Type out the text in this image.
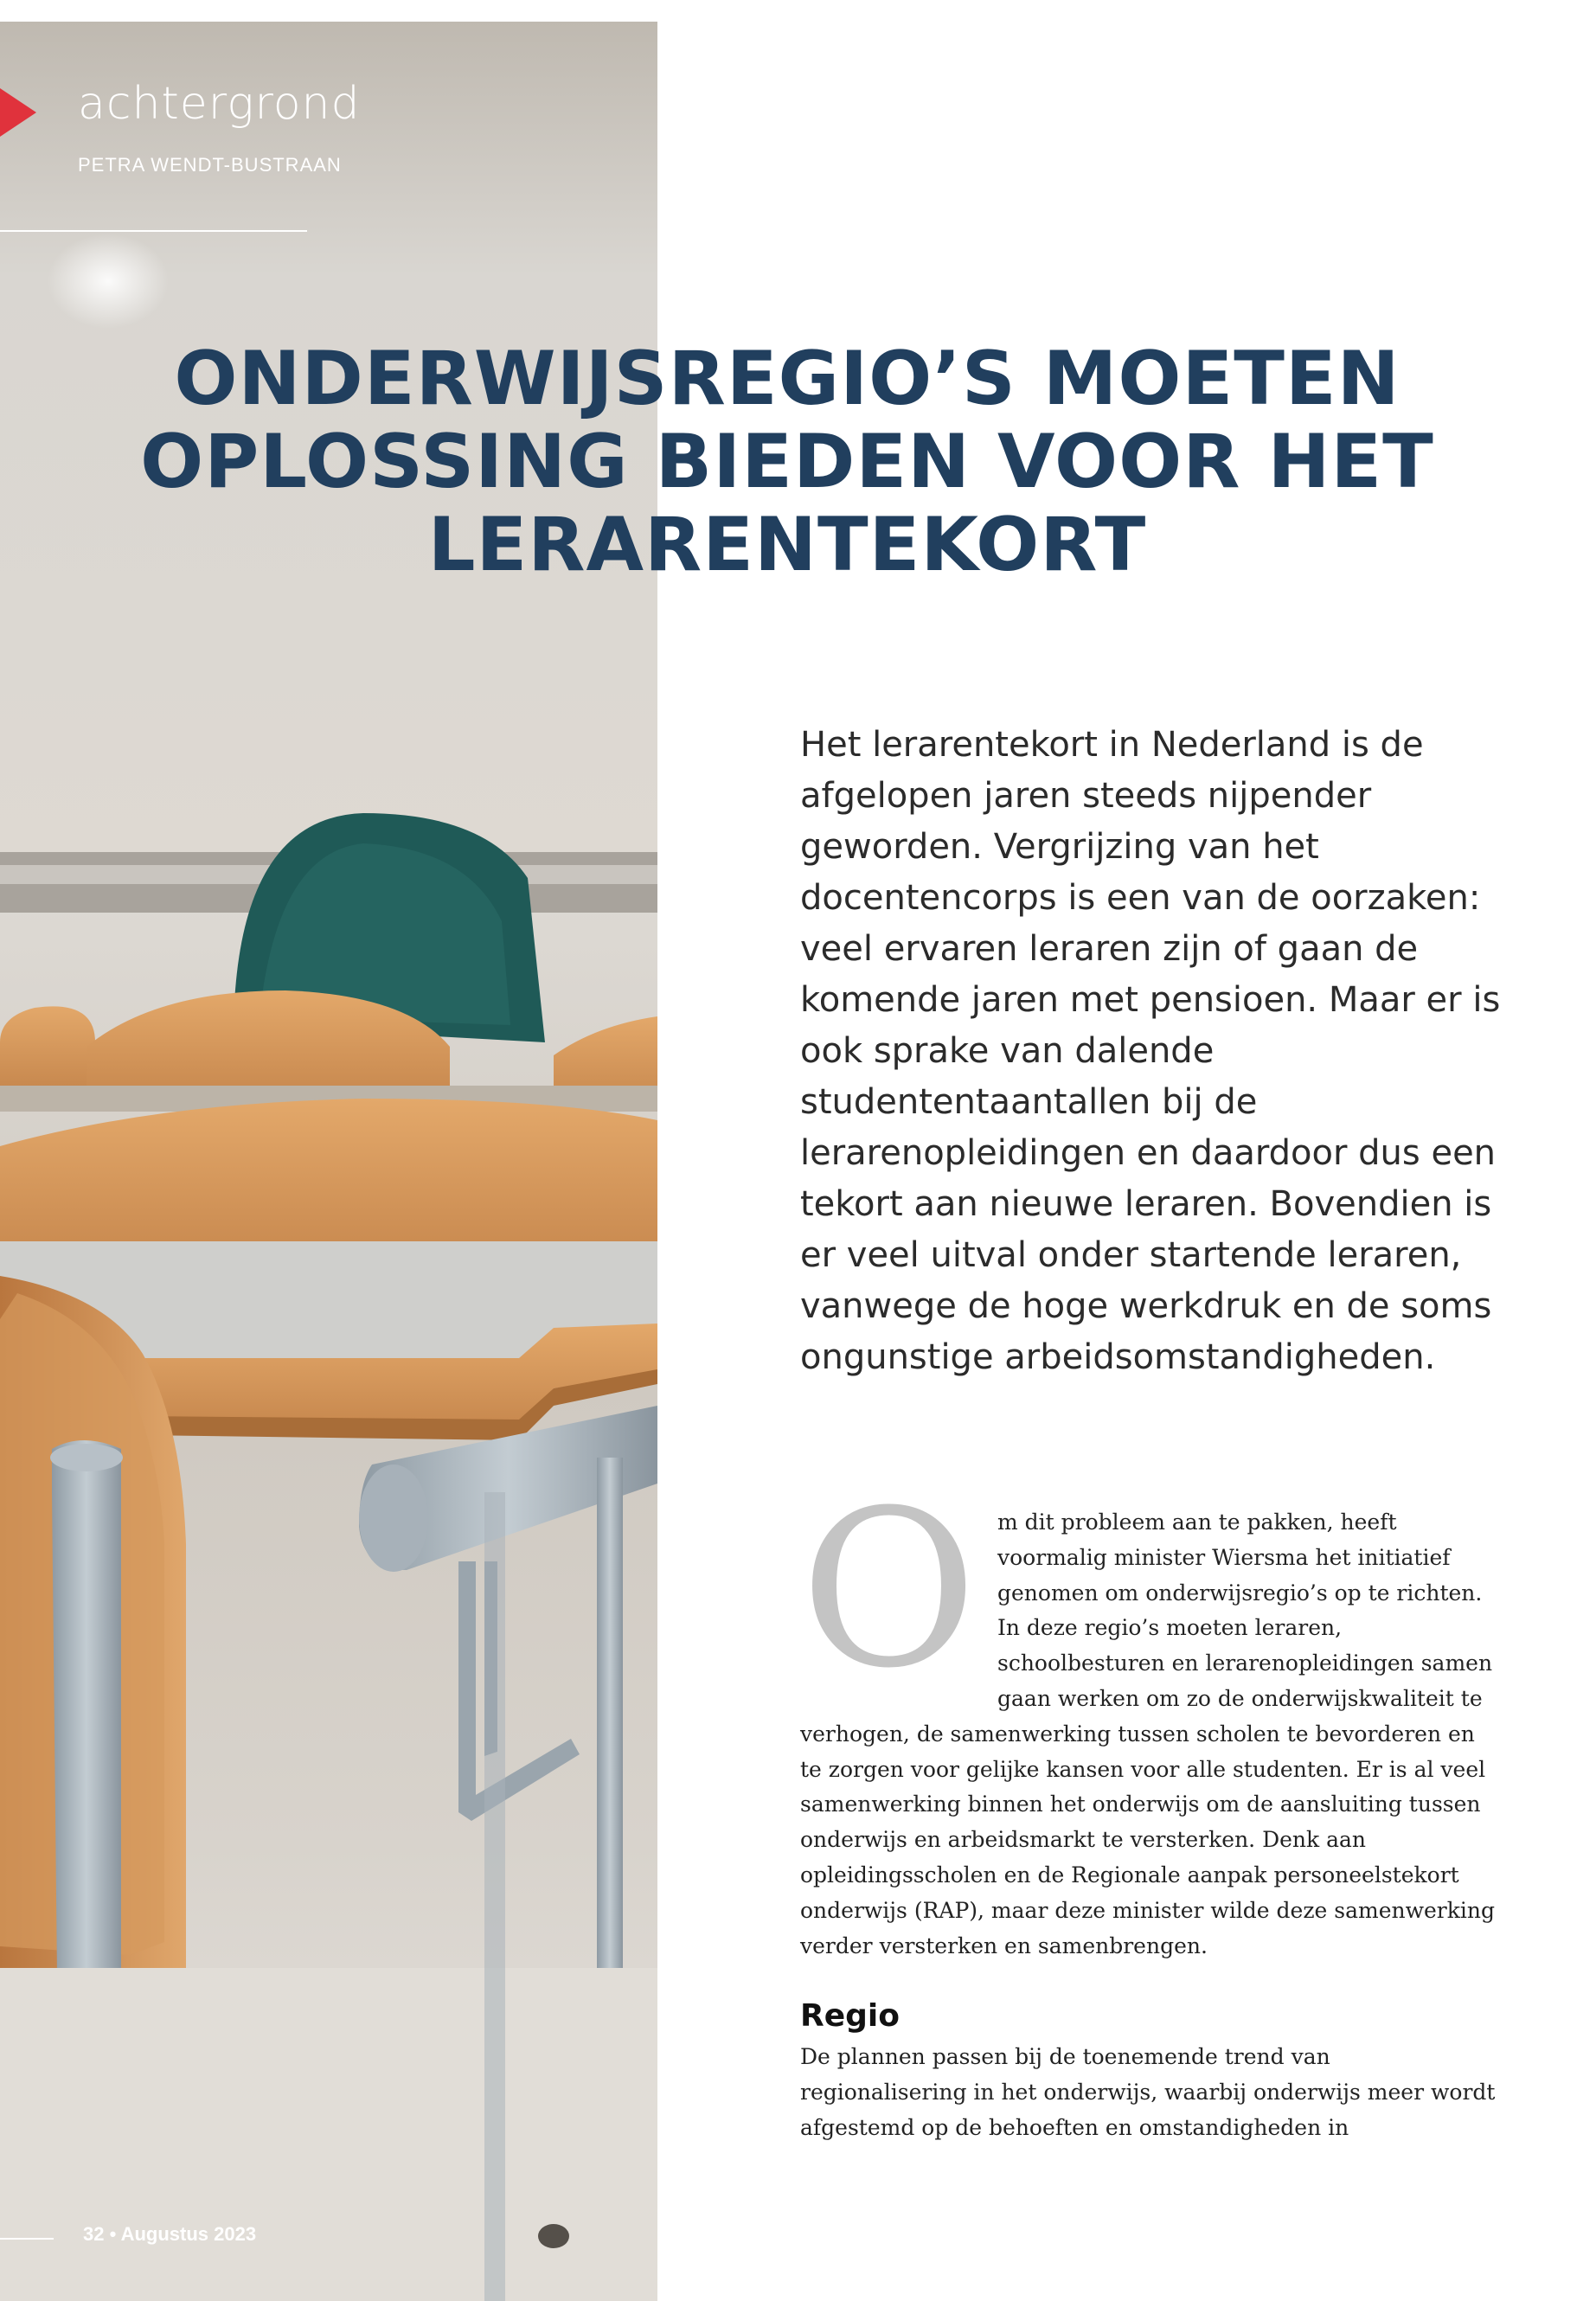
achtergrond
PETRA WENDT-BUSTRAAN
ONDERWIJSREGIO’S MOETEN
OPLOSSING BIEDEN VOOR HET
LERARENTEKORT

Het lerarentekort in Nederland is de afgelopen jaren steeds nijpender geworden. Vergrijzing van het docentencorps is een van de oorzaken: veel ervaren leraren zijn of gaan de komende jaren met pensioen. Maar er is ook sprake van dalende studententaantallen bij de lerarenopleidingen en daardoor dus een tekort aan nieuwe leraren. Bovendien is er veel uitval onder startende leraren, vanwege de hoge werkdruk en de soms ongunstige arbeidsomstandigheden.

Om dit probleem aan te pakken, heeft voormalig minister Wiersma het initiatief genomen om onderwijsregio’s op te richten. In deze regio’s moeten leraren, schoolbesturen en lerarenopleidingen samen gaan werken om zo de onderwijskwaliteit te verhogen, de samenwerking tussen scholen te bevorderen en te zorgen voor gelijke kansen voor alle studenten. Er is al veel samenwerking binnen het onderwijs om de aansluiting tussen onderwijs en arbeidsmarkt te versterken. Denk aan opleidingsscholen en de Regionale aanpak personeelstekort onderwijs (RAP), maar deze minister wilde deze samenwerking verder versterken en samenbrengen.

Regio

De plannen passen bij de toenemende trend van regionalisering in het onderwijs, waarbij onderwijs meer wordt afgestemd op de behoeften en omstandigheden in

32 • Augustus 2023
